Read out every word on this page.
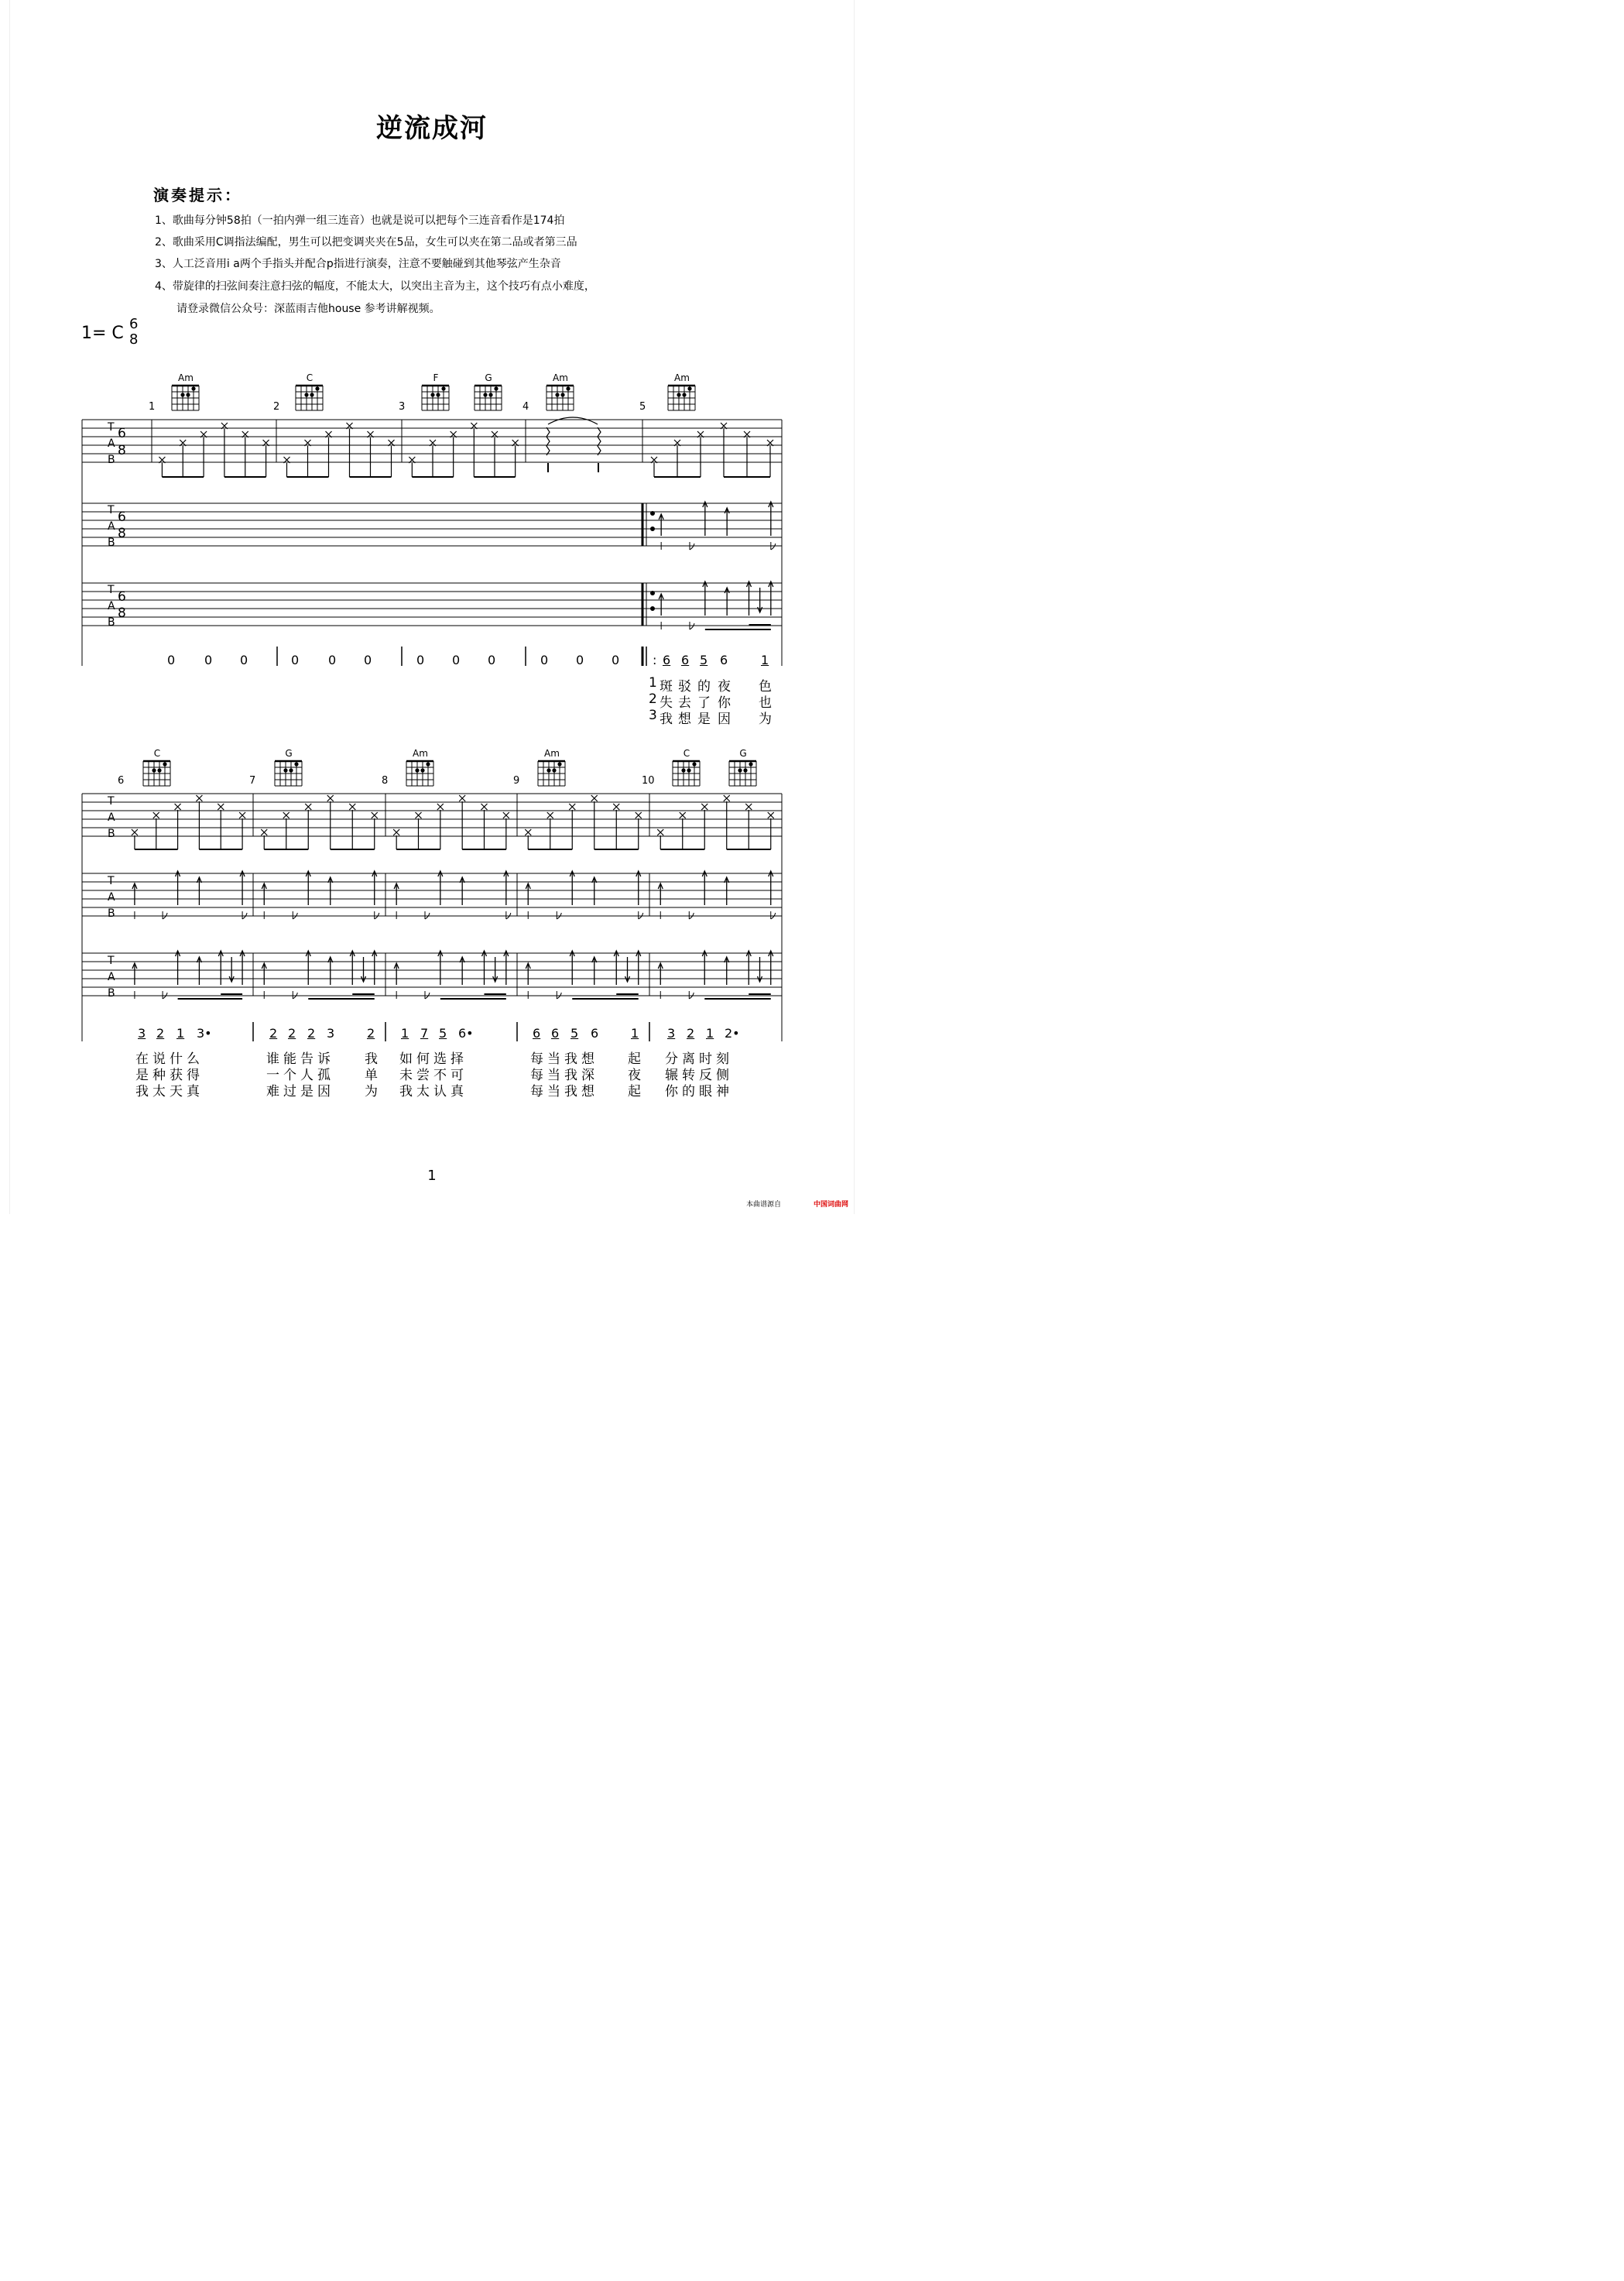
逆流成河
演奏提示：
1、歌曲每分钟58拍（一拍内弹一组三连音）也就是说可以把每个三连音看作是174拍
2、歌曲采用C调指法编配，男生可以把变调夹夹在5品，女生可以夹在第二品或者第三品
3、人工泛音用i a两个手指头并配合p指进行演奏，注意不要触碰到其他琴弦产生杂音
4、带旋律的扫弦间奏注意扫弦的幅度，不能太大，以突出主音为主，这个技巧有点小难度，
请登录微信公众号：深蓝雨吉他house 参考讲解视频。
1= C 6
8
Am	C	F	G	Am	Am
1	2	3	4	5
T
A
B
6
8
T
A
B
6
8
T
A
B
6
8
0 0 0	0 0 0	0 0 0	0 0 0	: 6 6 5 6	1
1 斑 驳 的 夜 色
2 失 去 了 你 也
3 我 想 是 因 为
C	G	Am	Am	C	G
6	7	8	9	10
T
A
B
T
A
B
T
A
B
3 2 1 3•	2 2 2 3	2 1 7 5 6•	6 6 5 6	1 3 2 1 2•
在说什么	谁能告诉 我 如何选择	每当我想 起 分离时刻
是种获得	一个人孤 单 未尝不可	每当我深 夜 辗转反侧
我太天真	难过是因 为 我太认真	每当我想 起 你的眼神
1
本曲谱源自	中国词曲网
